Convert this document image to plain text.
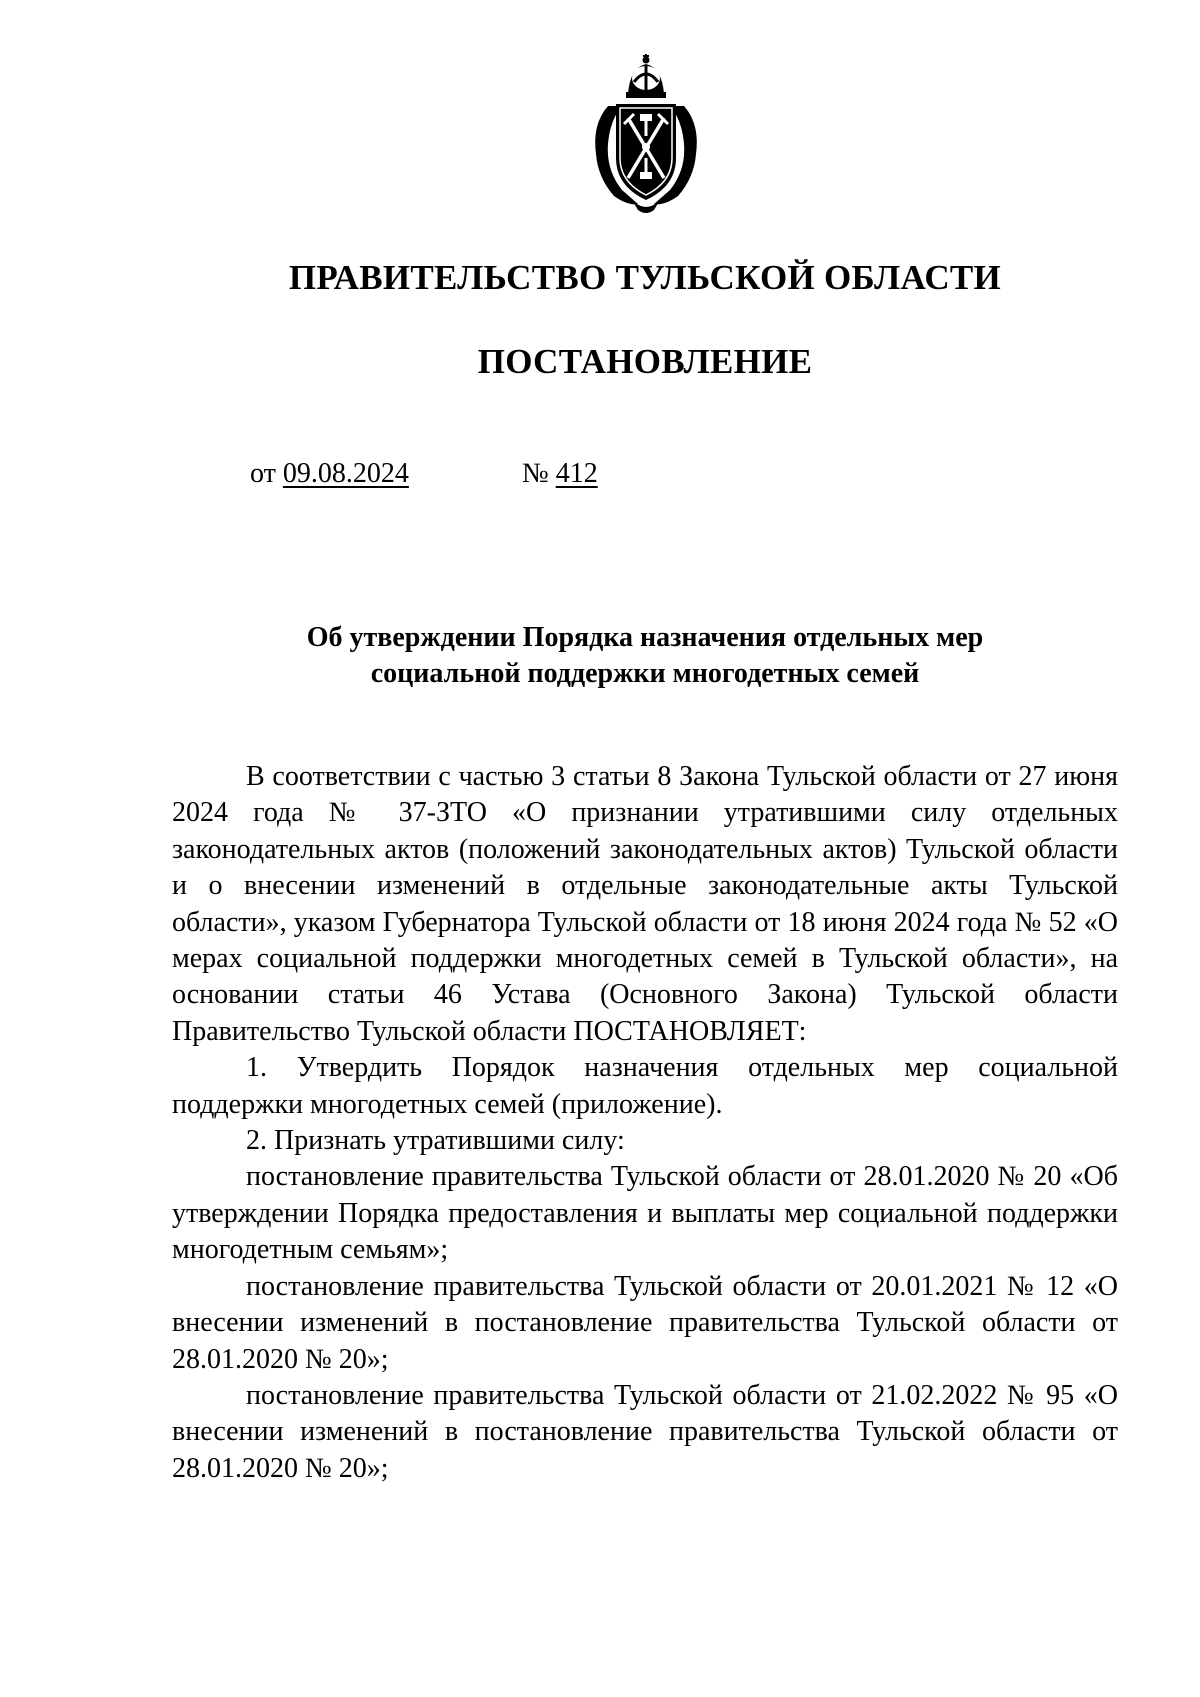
ПРАВИТЕЛЬСТВО ТУЛЬСКОЙ ОБЛАСТИ
ПОСТАНОВЛЕНИЕ
от 09.08.2024	№ 412
Об утверждении Порядка назначения отдельных мер
социальной поддержки многодетных семей

В соответствии с частью 3 статьи 8 Закона Тульской области от 27 июня 2024 года № 37-ЗТО «О признании утратившими силу отдельных законодательных актов (положений законодательных актов) Тульской области и о внесении изменений в отдельные законодательные акты Тульской области», указом Губернатора Тульской области от 18 июня 2024 года № 52 «О мерах социальной поддержки многодетных семей в Тульской области», на основании статьи 46 Устава (Основного Закона) Тульской области Правительство Тульской области ПОСТАНОВЛЯЕТ:

1. Утвердить Порядок назначения отдельных мер социальной поддержки многодетных семей (приложение).

2. Признать утратившими силу:

постановление правительства Тульской области от 28.01.2020 № 20 «Об утверждении Порядка предоставления и выплаты мер социальной поддержки многодетным семьям»;

постановление правительства Тульской области от 20.01.2021 № 12 «О внесении изменений в постановление правительства Тульской области от 28.01.2020 № 20»;

постановление правительства Тульской области от 21.02.2022 № 95 «О внесении изменений в постановление правительства Тульской области от 28.01.2020 № 20»;
